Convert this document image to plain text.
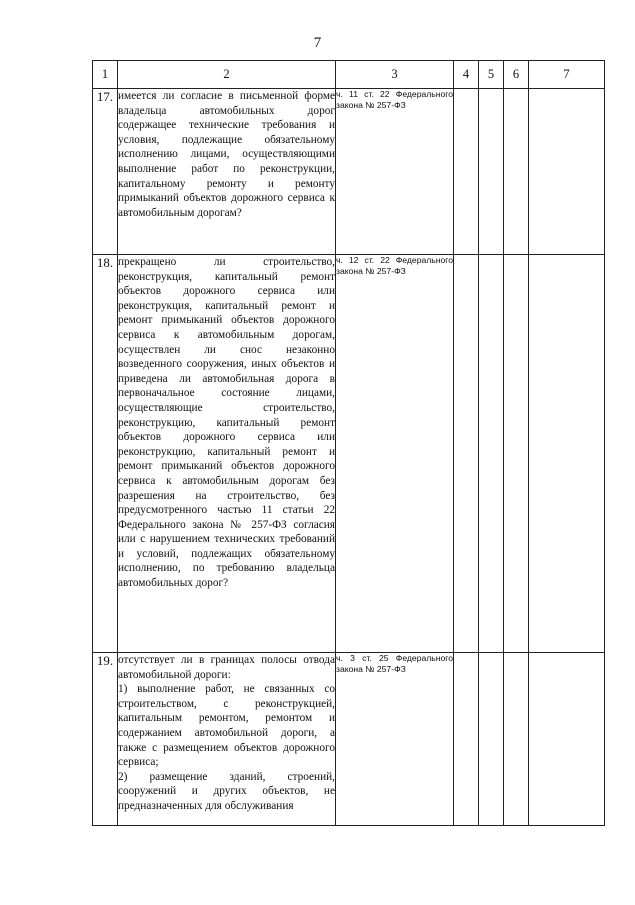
7
1	2	3	4	5	6	7
17.	имеется ли согласие в письменной форме владельца автомобильных дорог содержащее технические требования и условия, подлежащие обязательному исполнению лицами, осуществляющими выполнение работ по реконструкции, капитальному ремонту и ремонту примыканий объектов дорожного сервиса к автомобильным дорогам?	ч. 11 ст. 22 Федерального закона № 257-ФЗ				
18.	прекращено ли строительство, реконструкция, капитальный ремонт объектов дорожного сервиса или реконструкция, капитальный ремонт и ремонт примыканий объектов дорожного сервиса к автомобильным дорогам, осуществлен ли снос незаконно возведенного сооружения, иных объектов и приведена ли автомобильная дорога в первоначальное состояние лицами, осуществляющие строительство, реконструкцию, капитальный ремонт объектов дорожного сервиса или реконструкцию, капитальный ремонт и ремонт примыканий объектов дорожного сервиса к автомобильным дорогам без разрешения на строительство, без предусмотренного частью 11 статьи 22 Федерального закона № 257-ФЗ согласия или с нарушением технических требований и условий, подлежащих обязательному исполнению, по требованию владельца автомобильных дорог?	ч. 12 ст. 22 Федерального закона № 257-ФЗ				
19.	отсутствует ли в границах полосы отвода автомобильной дороги:
1) выполнение работ, не связанных со строительством, с реконструкцией, капитальным ремонтом, ремонтом и содержанием автомобильной дороги, а также с размещением объектов дорожного сервиса;
2) размещение зданий, строений, сооружений и других объектов, не предназначенных для обслуживания	ч. 3 ст. 25 Федерального закона № 257-ФЗ				
